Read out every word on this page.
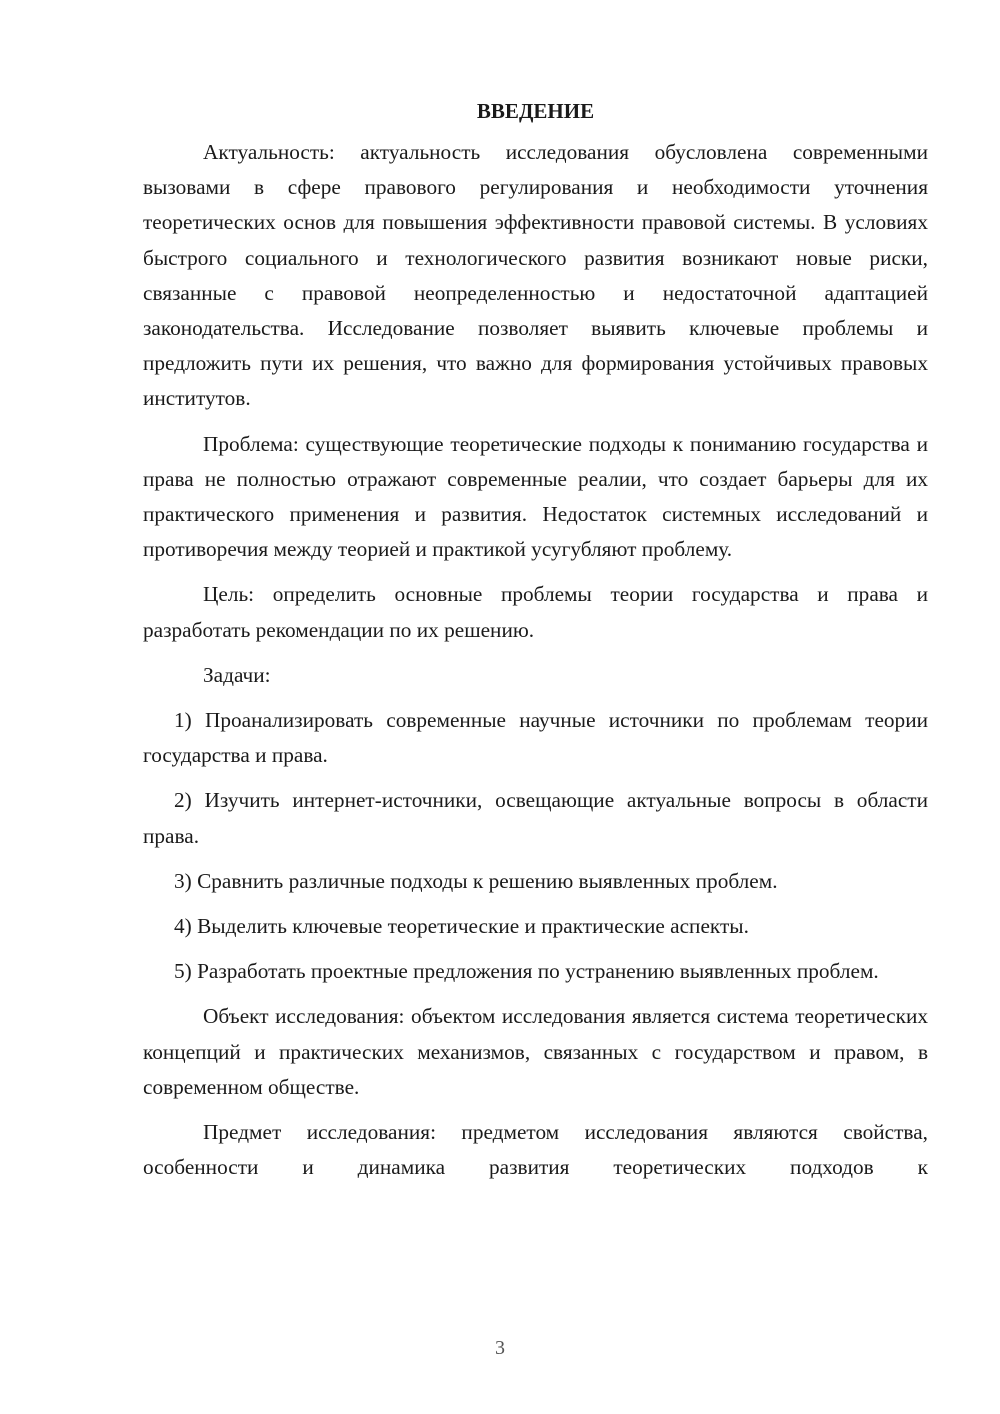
ВВЕДЕНИЕ

Актуальность: актуальность исследования обусловлена современными вызовами в сфере правового регулирования и необходимости уточнения теоретических основ для повышения эффективности правовой системы. В условиях быстрого социального и технологического развития возникают новые риски, связанные с правовой неопределенностью и недостаточной адаптацией законодательства. Исследование позволяет выявить ключевые проблемы и предложить пути их решения, что важно для формирования устойчивых правовых институтов.

Проблема: существующие теоретические подходы к пониманию государства и права не полностью отражают современные реалии, что создает барьеры для их практического применения и развития. Недостаток системных исследований и противоречия между теорией и практикой усугубляют проблему.

Цель: определить основные проблемы теории государства и права и разработать рекомендации по их решению.

Задачи:

1) Проанализировать современные научные источники по проблемам теории государства и права.

2) Изучить интернет-источники, освещающие актуальные вопросы в области права.

3) Сравнить различные подходы к решению выявленных проблем.

4) Выделить ключевые теоретические и практические аспекты.

5) Разработать проектные предложения по устранению выявленных проблем.

Объект исследования: объектом исследования является система теоретических концепций и практических механизмов, связанных с государством и правом, в современном обществе.

Предмет исследования: предметом исследования являются свойства, особенности и динамика развития теоретических подходов к

3
